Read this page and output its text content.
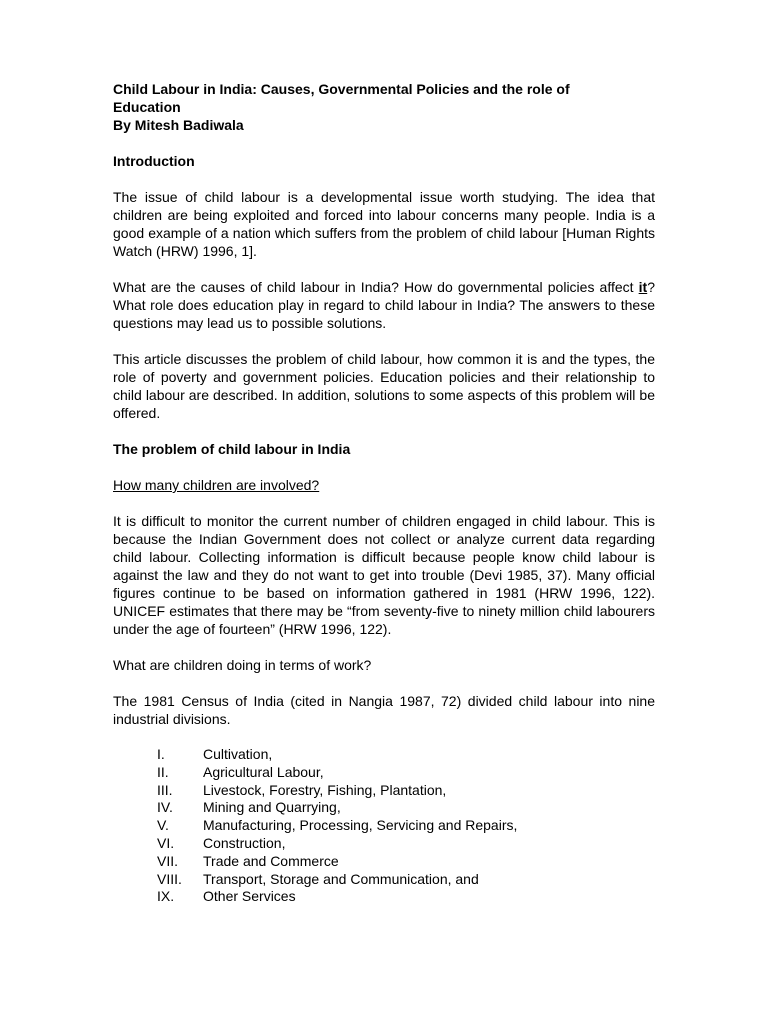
Child Labour in India: Causes, Governmental Policies and the role of
Education
By Mitesh Badiwala
Introduction

The issue of child labour is a developmental issue worth studying. The idea that children are being exploited and forced into labour concerns many people. India is a good example of a nation which suffers from the problem of child labour [Human Rights Watch (HRW) 1996, 1].

What are the causes of child labour in India? How do governmental policies affect it? What role does education play in regard to child labour in India? The answers to these questions may lead us to possible solutions.

This article discusses the problem of child labour, how common it is and the types, the role of poverty and government policies. Education policies and their relationship to child labour are described. In addition, solutions to some aspects of this problem will be offered.

The problem of child labour in India

How many children are involved?

It is difficult to monitor the current number of children engaged in child labour. This is because the Indian Government does not collect or analyze current data regarding child labour. Collecting information is difficult because people know child labour is against the law and they do not want to get into trouble (Devi 1985, 37). Many official figures continue to be based on information gathered in 1981 (HRW 1996, 122). UNICEF estimates that there may be “from seventy-five to ninety million child labourers under the age of fourteen” (HRW 1996, 122).

What are children doing in terms of work?

The 1981 Census of India (cited in Nangia 1987, 72) divided child labour into nine industrial divisions.

I.	Cultivation,
II.	Agricultural Labour,
III.	Livestock, Forestry, Fishing, Plantation,
IV.	Mining and Quarrying,
V.	Manufacturing, Processing, Servicing and Repairs,
VI.	Construction,
VII.	Trade and Commerce
VIII.	Transport, Storage and Communication, and
IX.	Other Services
